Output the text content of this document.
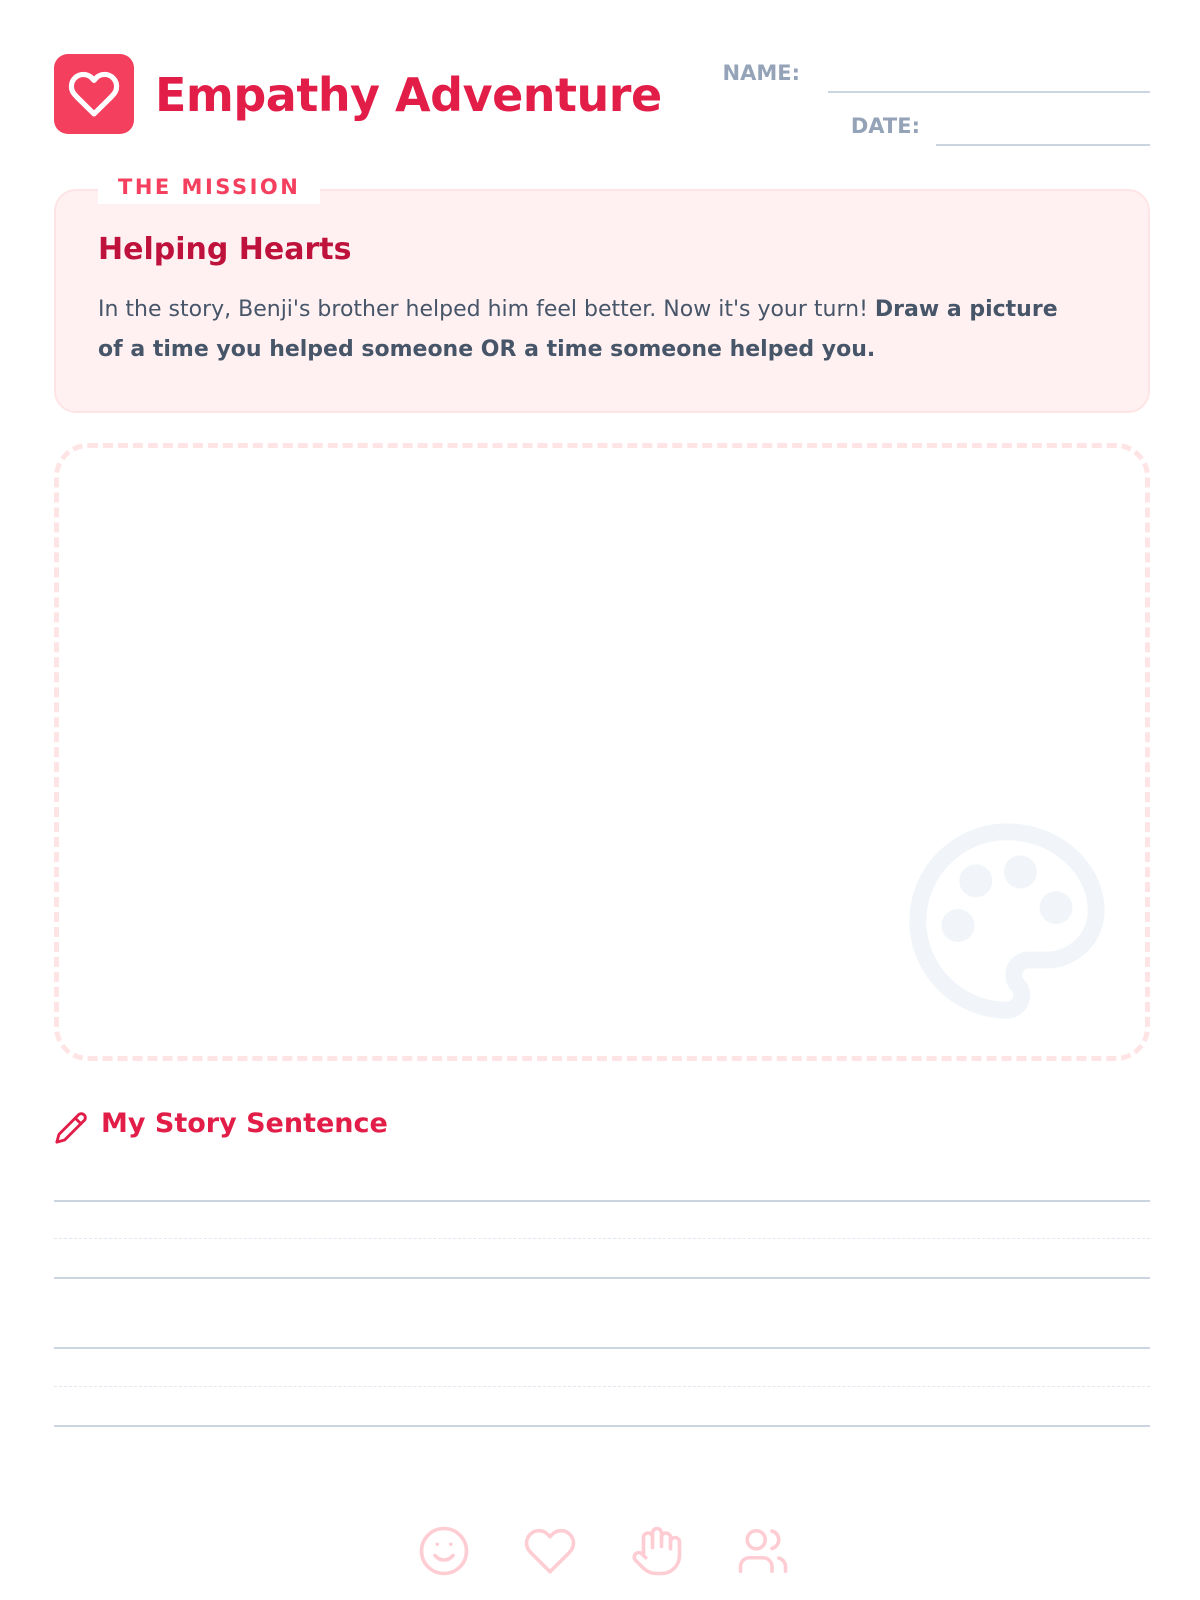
Empathy Adventure	NAME:
DATE:
THE MISSION
Helping Hearts
In the story, Benji's brother helped him feel better. Now it's your turn! Draw a picture of a time you helped someone OR a time someone helped you.
My Story Sentence
